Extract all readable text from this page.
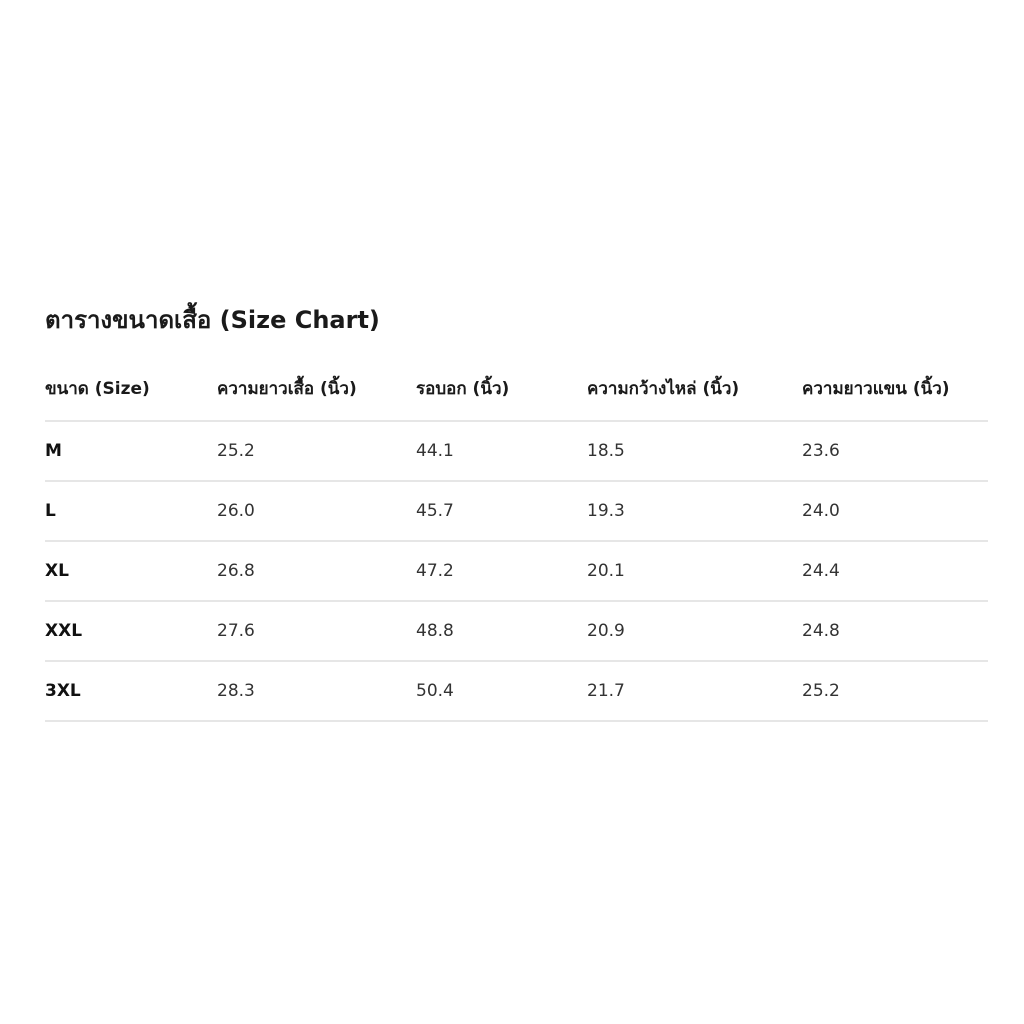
ตารางขนาดเสื้อ (Size Chart)
ขนาด (Size)	ความยาวเสื้อ (นิ้ว)	รอบอก (นิ้ว)	ความกว้างไหล่ (นิ้ว)	ความยาวแขน (นิ้ว)
M	25.2	44.1	18.5	23.6
L	26.0	45.7	19.3	24.0
XL	26.8	47.2	20.1	24.4
XXL	27.6	48.8	20.9	24.8
3XL	28.3	50.4	21.7	25.2
